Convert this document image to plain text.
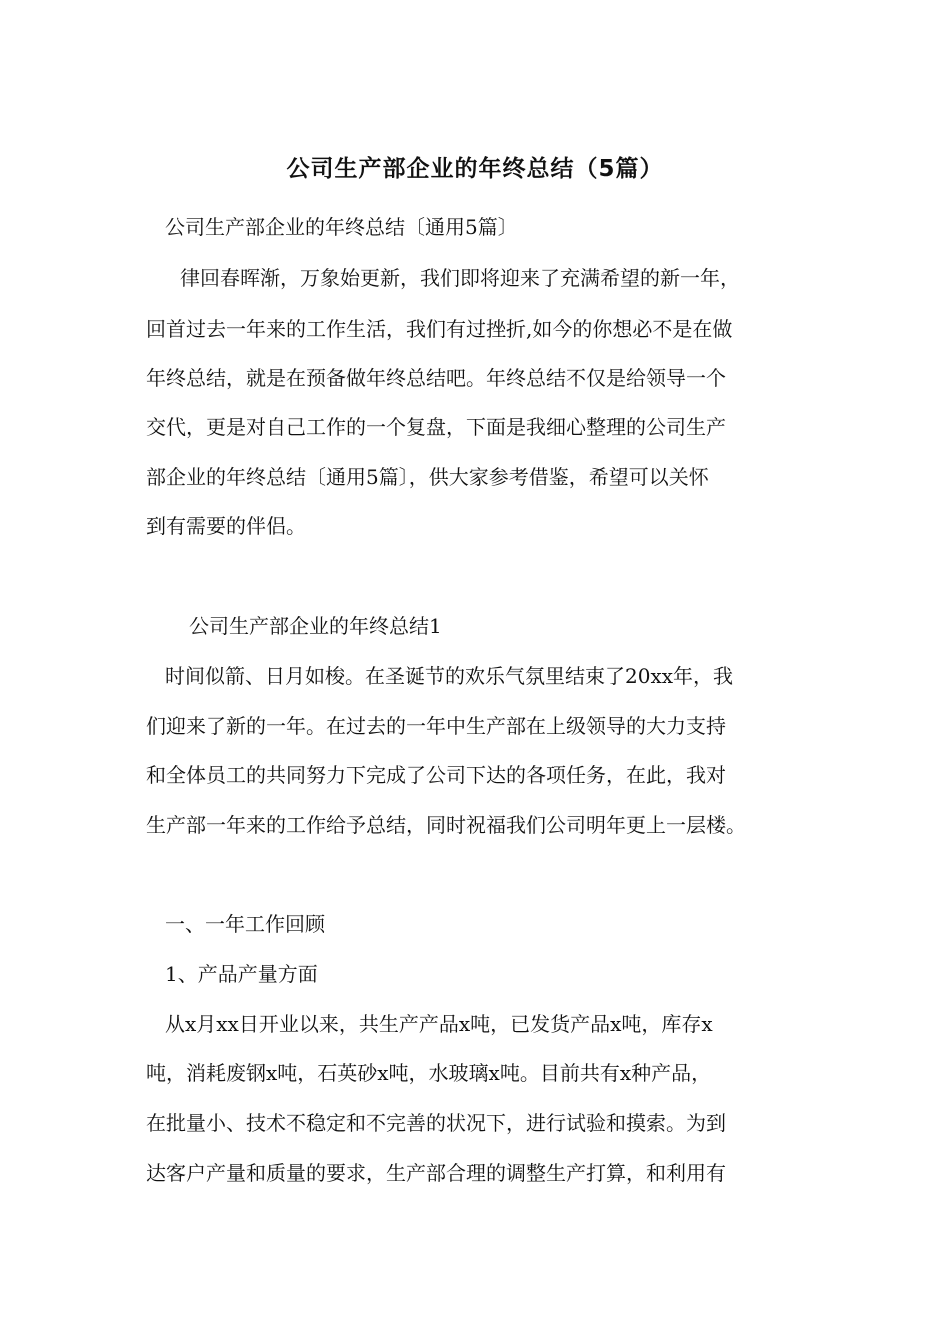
公司生产部企业的年终总结（5篇）
公司生产部企业的年终总结〔通用5篇〕
律回春晖渐，万象始更新，我们即将迎来了充满希望的新一年，
回首过去一年来的工作生活，我们有过挫折,如今的你想必不是在做
年终总结，就是在预备做年终总结吧。年终总结不仅是给领导一个
交代，更是对自己工作的一个复盘，下面是我细心整理的公司生产
部企业的年终总结〔通用5篇〕，供大家参考借鉴，希望可以关怀
到有需要的伴侣。
公司生产部企业的年终总结1
时间似箭、日月如梭。在圣诞节的欢乐气氛里结束了20xx年，我
们迎来了新的一年。在过去的一年中生产部在上级领导的大力支持
和全体员工的共同努力下完成了公司下达的各项任务，在此，我对
生产部一年来的工作给予总结，同时祝福我们公司明年更上一层楼。
一、一年工作回顾
1、产品产量方面
从x月xx日开业以来，共生产产品x吨，已发货产品x吨，库存x
吨，消耗废钢x吨，石英砂x吨，水玻璃x吨。目前共有x种产品，
在批量小、技术不稳定和不完善的状况下，进行试验和摸索。为到
达客户产量和质量的要求，生产部合理的调整生产打算，和利用有
